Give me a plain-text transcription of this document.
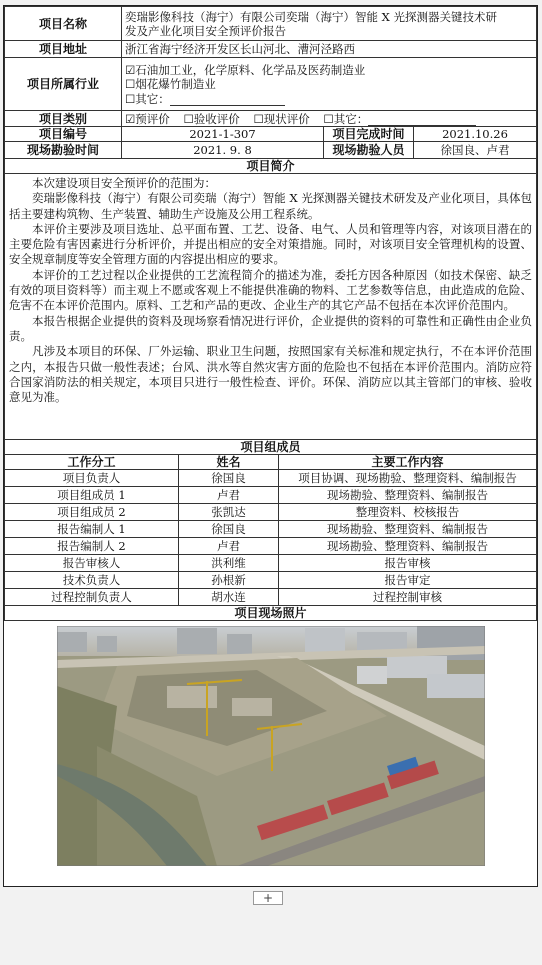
项目名称	奕瑞影像科技（海宁）有限公司奕瑞（海宁）智能 X 光探测器关键技术研
发及产业化项目安全预评价报告		

项目地址	浙江省海宁经济开发区长山河北、漕河泾路西		
项目所属行业	☑石油加工业，化学原料、化学品及医药制造业
☐烟花爆竹制造业
☐其它：		

项目类别	☑预评价 ☐验收评价 ☐现状评价 ☐其它：		
项目编号	2021-1-307	项目完成时间	2021.10.26
现场勘验时间	2021. 9. 8	现场勘验人员	徐国良、卢君
项目简介

本次建设项目安全预评价的范围为：

奕瑞影像科技（海宁）有限公司奕瑞（海宁）智能 X 光探测器关键技术研发及产业化项目，具体包括主要建构筑物、生产装置、辅助生产设施及公用工程系统。

本评价主要涉及项目选址、总平面布置、工艺、设备、电气、人员和管理等内容，对该项目潜在的主要危险有害因素进行分析评价，并提出相应的安全对策措施。同时，对该项目安全管理机构的设置、安全规章制度等安全管理方面的内容提出相应的要求。

本评价的工艺过程以企业提供的工艺流程简介的描述为准，委托方因各种原因（如技术保密、缺乏有效的项目资料等）而主观上不愿或客观上不能提供准确的物料、工艺参数等信息，由此造成的危险、危害不在本评价范围内。原料、工艺和产品的更改、企业生产的其它产品不包括在本次评价范围内。

本报告根据企业提供的资料及现场察看情况进行评价，企业提供的资料的可靠性和正确性由企业负责。

凡涉及本项目的环保、厂外运输、职业卫生问题，按照国家有关标准和规定执行，不在本评价范围之内，本报告只做一般性表述；台风、洪水等自然灾害方面的危险也不包括在本评价范围内。消防应符合国家消防法的相关规定，本项目只进行一般性检查、评价。环保、消防应以其主管部门的审核、验收意见为准。

项目组成员		
工作分工	姓名	主要工作内容
项目负责人	徐国良	项目协调、现场勘验、整理资料、编制报告
项目组成员 1	卢君	现场勘验、整理资料、编制报告
项目组成员 2	张凯达	整理资料、校核报告
报告编制人 1	徐国良	现场勘验、整理资料、编制报告
报告编制人 2	卢君	现场勘验、整理资料、编制报告
报告审核人	洪利维	报告审核
技术负责人	孙根新	报告审定
过程控制负责人	胡水连	过程控制审核
项目现场照片

+
